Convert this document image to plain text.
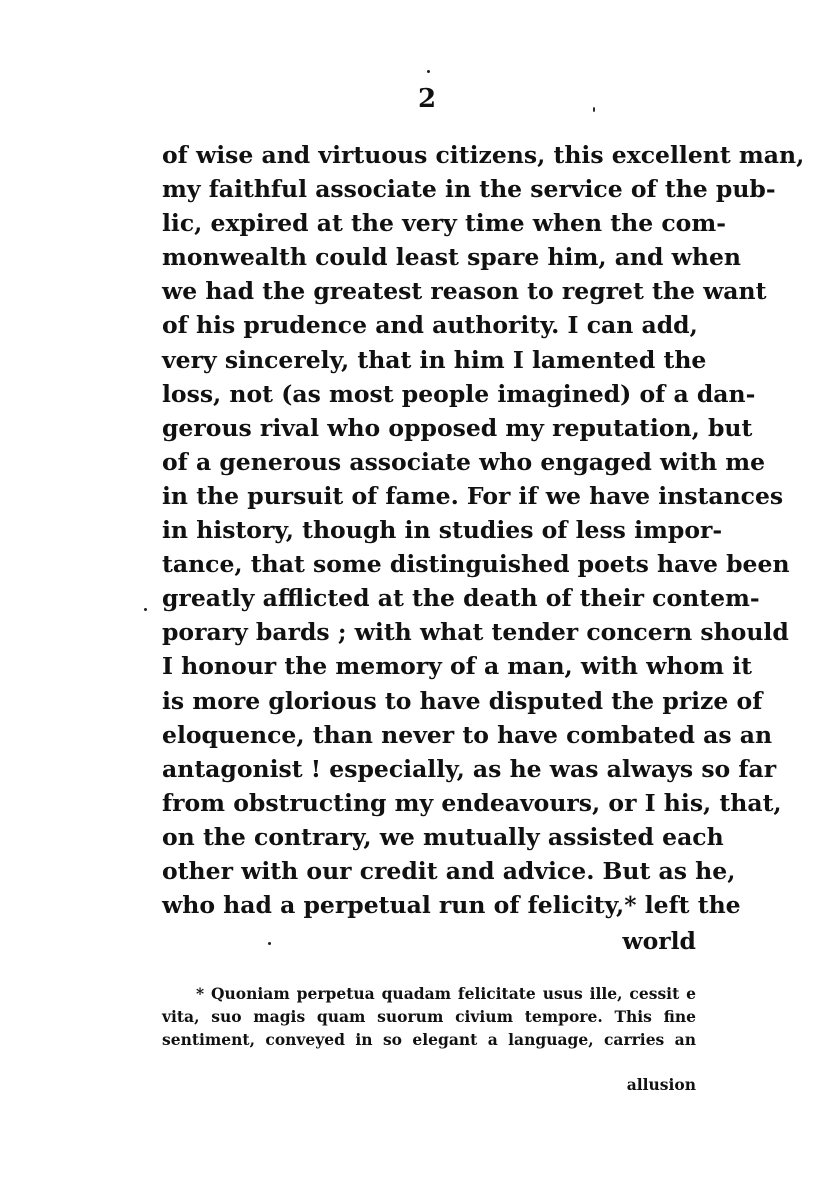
2
of wise and virtuous citizens, this excellent man,
my faithful associate in the service of the pub-
lic, expired at the very time when the com-
monwealth could least spare him, and when
we had the greatest reason to regret the want
of his prudence and authority. I can add,
very sincerely, that in him I lamented the
loss, not (as most people imagined) of a dan-
gerous rival who opposed my reputation, but
of a generous associate who engaged with me
in the pursuit of fame. For if we have instances
in history, though in studies of less impor-
tance, that some distinguished poets have been
greatly afflicted at the death of their contem-
porary bards ; with what tender concern should
I honour the memory of a man, with whom it
is more glorious to have disputed the prize of
eloquence, than never to have combated as an
antagonist ! especially, as he was always so far
from obstructing my endeavours, or I his, that,
on the contrary, we mutually assisted each
other with our credit and advice. But as he,
who had a perpetual run of felicity,* left the
world
* Quoniam perpetua quadam felicitate usus ille, cessit e
vita, suo magis quam suorum civium tempore. This fine
sentiment, conveyed in so elegant a language, carries an
allusion
